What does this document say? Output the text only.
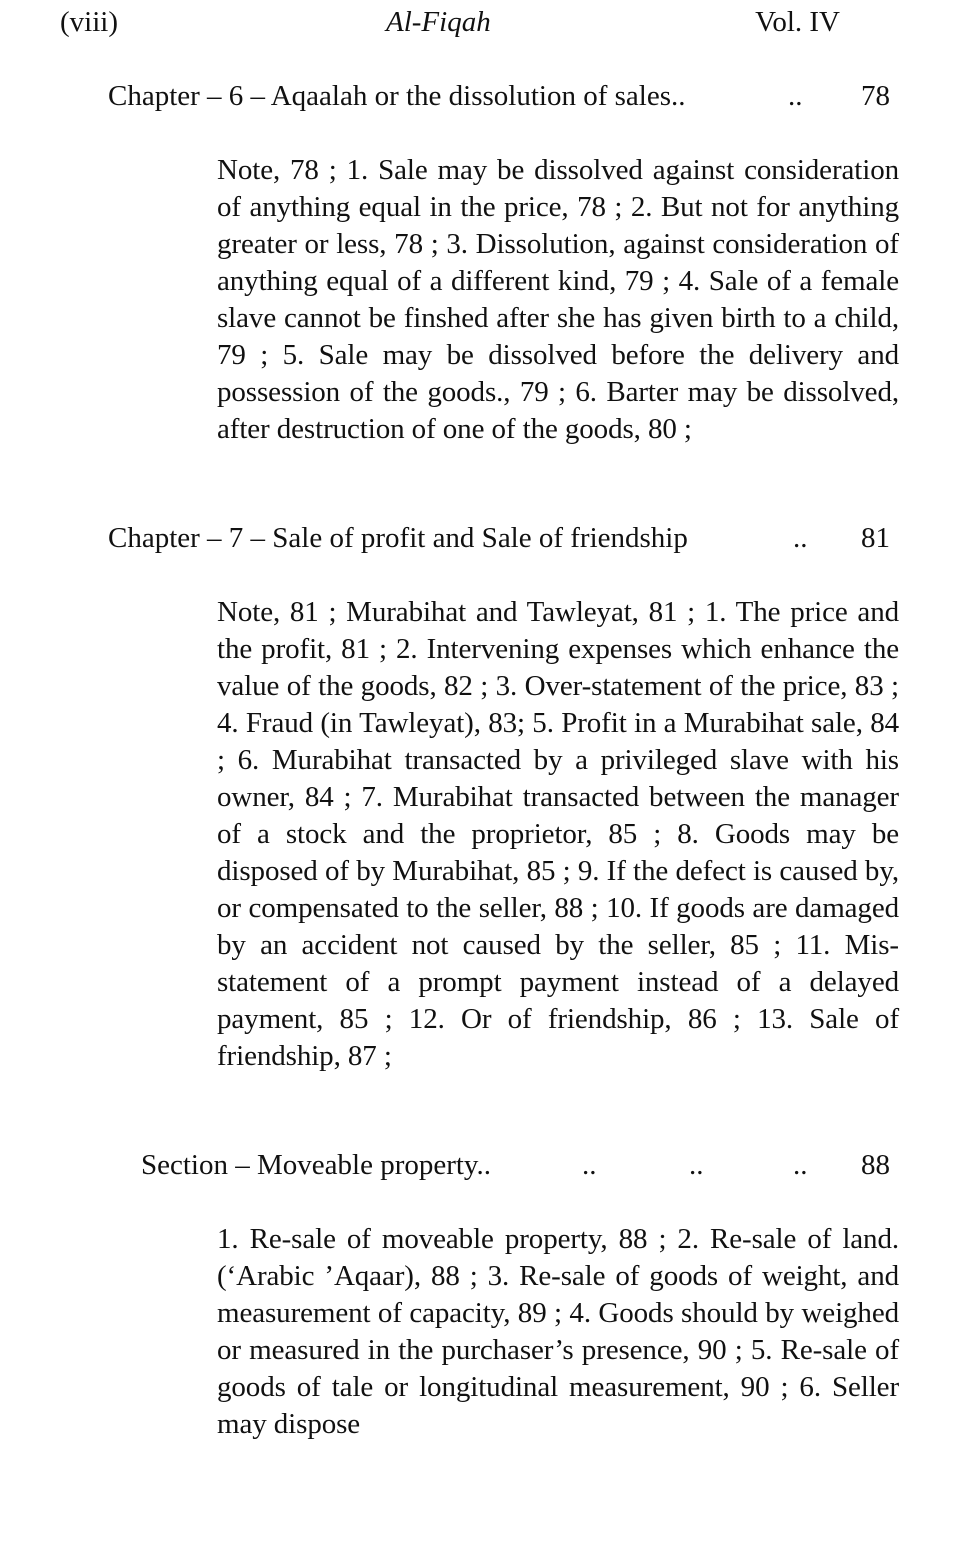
(viii)	Al-Fiqah	Vol. IV
Chapter – 6 – Aqaalah or the dissolution of sales..	.. 78
Note, 78 ; 1. Sale may be dissolved against consideration of anything equal in the price, 78 ; 2. But not for anything greater or less, 78 ; 3. Dissolution, against consideration of anything equal of a different kind, 79 ; 4. Sale of a female slave cannot be finshed after she has given birth to a child, 79 ; 5. Sale may be dissolved before the delivery and possession of the goods., 79 ; 6. Barter may be dissolved, after destruction of one of the goods, 80 ;
Chapter – 7 – Sale of profit and Sale of friendship	.. 81
Note, 81 ; Murabihat and Tawleyat, 81 ; 1. The price and the profit, 81 ; 2. Intervening expenses which enhance the value of the goods, 82 ; 3. Over-statement of the price, 83 ; 4. Fraud (in Tawleyat), 83; 5. Profit in a Murabihat sale, 84 ; 6. Murabihat transacted by a privileged slave with his owner, 84 ; 7. Murabihat transacted between the manager of a stock and the proprietor, 85 ; 8. Goods may be disposed of by Murabihat, 85 ; 9. If the defect is caused by, or compensated to the seller, 88 ; 10. If goods are damaged by an accident not caused by the seller, 85 ; 11. Mis-statement of a prompt payment instead of a delayed payment, 85 ; 12. Or of friendship, 86 ; 13. Sale of friendship, 87 ;
Section – Moveable property..	..	..	.. 88
1. Re-sale of moveable property, 88 ; 2. Re-sale of land. (‘Arabic ’Aqaar), 88 ; 3. Re-sale of goods of weight, and measurement of capacity, 89 ; 4. Goods should by weighed or measured in the purchaser’s presence, 90 ; 5. Re-sale of goods of tale or longitudinal measurement, 90 ; 6. Seller may dispose
